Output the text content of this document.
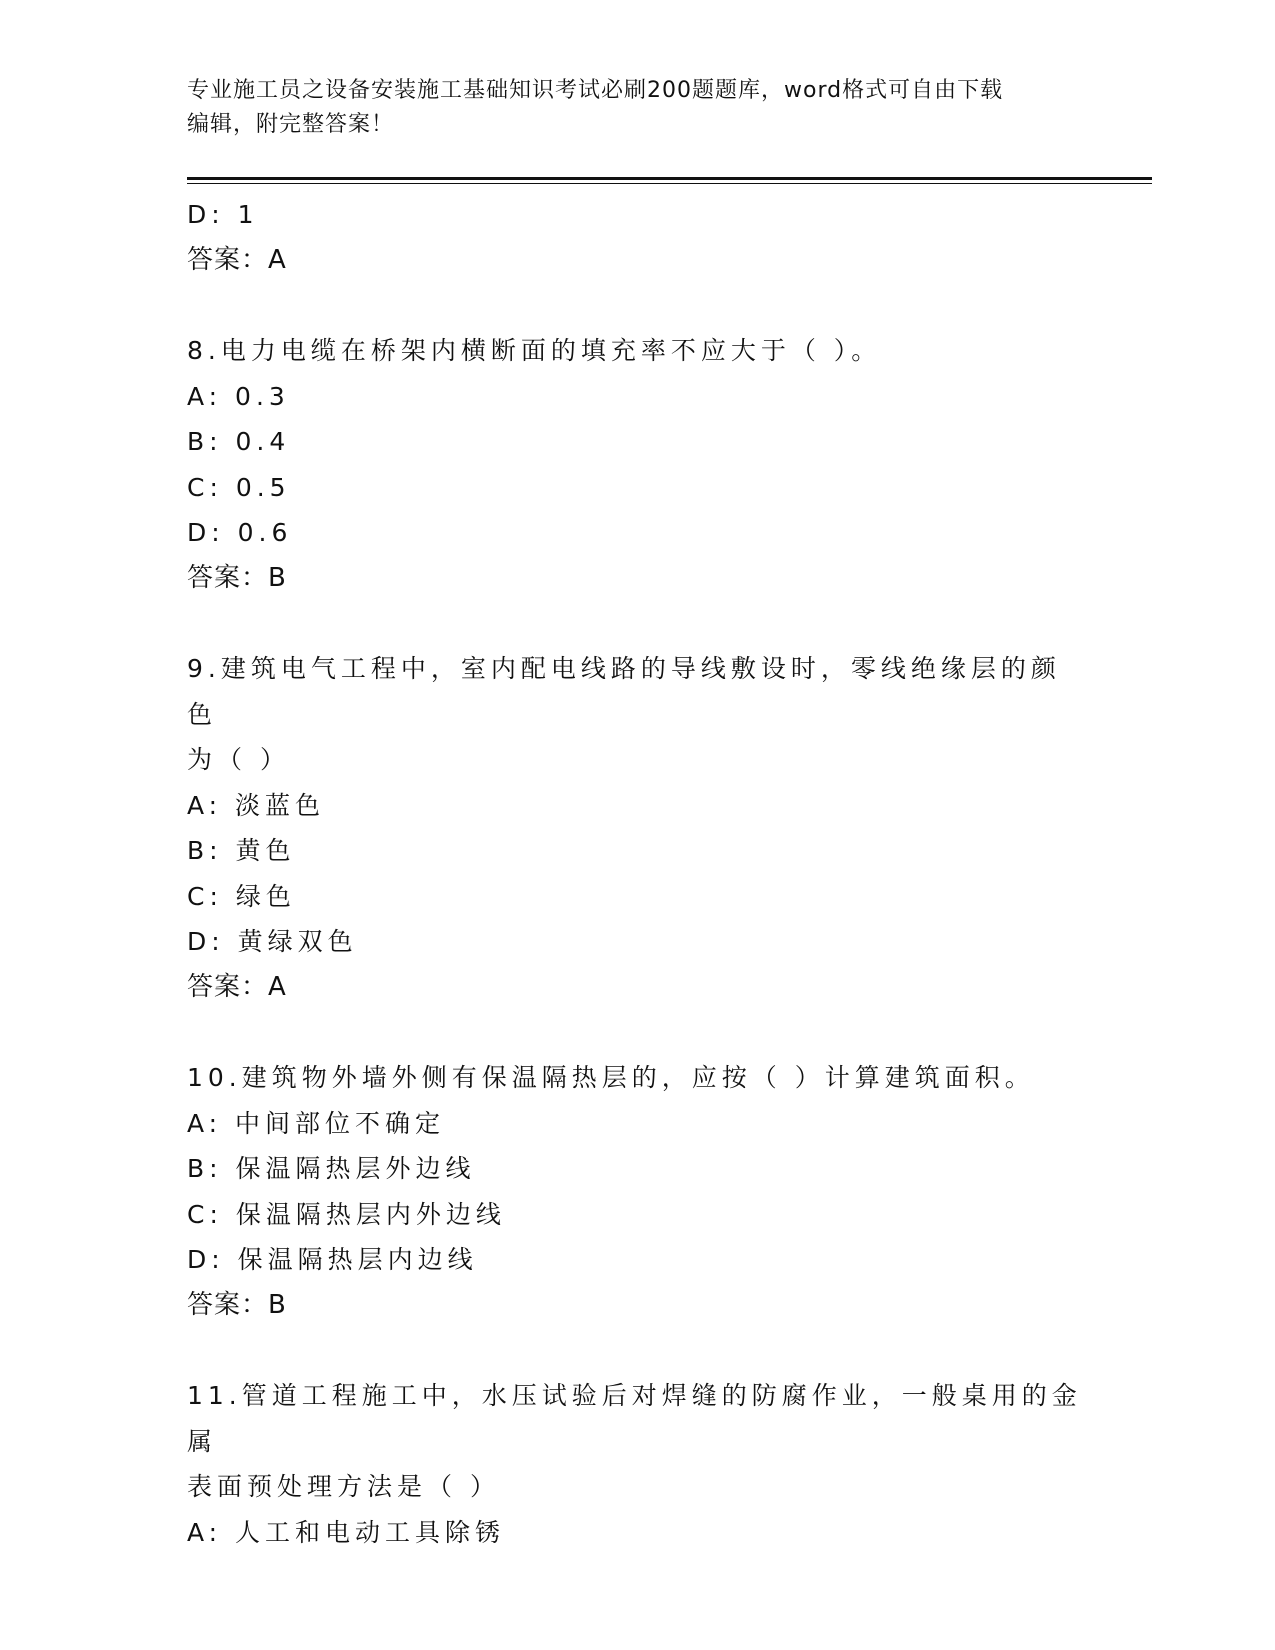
专业施工员之设备安装施工基础知识考试必刷200题题库，word格式可自由下载
编辑，附完整答案！
D: 1
答案：A
8.电力电缆在桥架内横断面的填充率不应大于（ ）。
A: 0.3
B: 0.4
C: 0.5
D: 0.6
答案：B
9.建筑电气工程中，室内配电线路的导线敷设时，零线绝缘层的颜色
为（ ）
A: 淡蓝色
B: 黄色
C: 绿色
D: 黄绿双色
答案：A
10.建筑物外墙外侧有保温隔热层的，应按（ ）计算建筑面积。
A: 中间部位不确定
B: 保温隔热层外边线
C: 保温隔热层内外边线
D: 保温隔热层内边线
答案：B
11.管道工程施工中，水压试验后对焊缝的防腐作业，一般桌用的金属
表面预处理方法是（ ）
A: 人工和电动工具除锈
